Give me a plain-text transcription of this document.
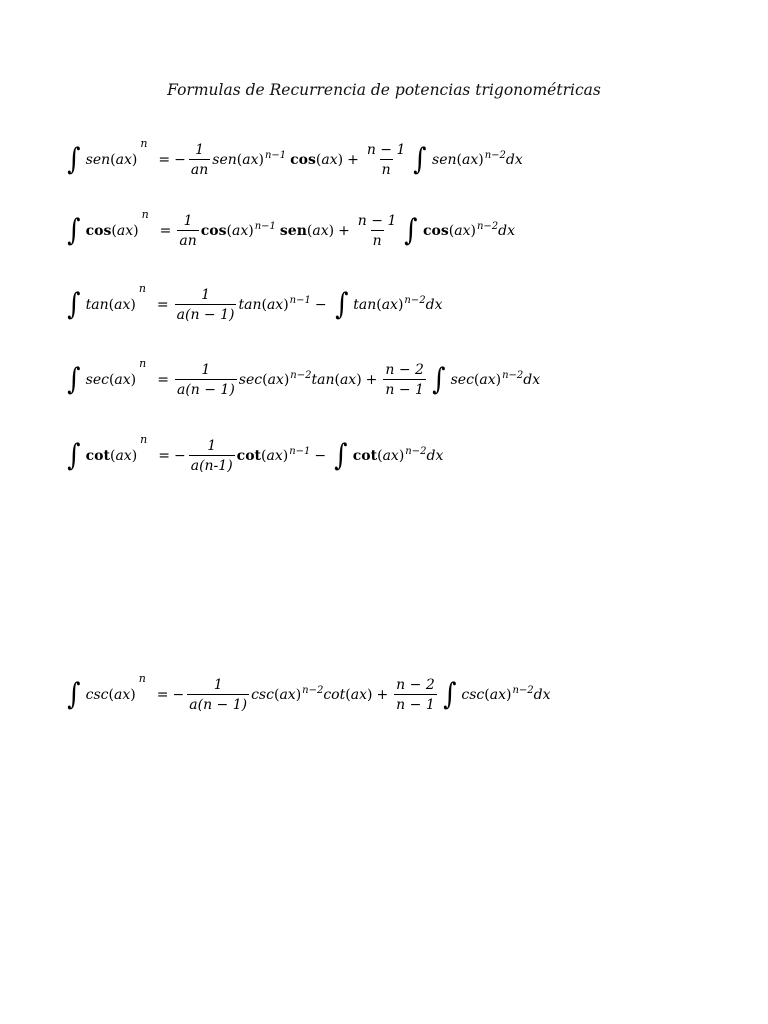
Formulas de Recurrencia de potencias trigonométricas
∫ sen ( ax )
n
= − $\frac{1}{an}$ sen ( ax ) n−1 cos ( ax ) + $\frac{n - 1}{n}$ ∫ sen ( ax ) n−2 dx
∫ cos ( ax )
n
= $\frac{1}{an}$ cos ( ax ) n−1 sen ( ax ) + $\frac{n - 1}{n}$ ∫ cos ( ax ) n−2 dx
∫ tan ( ax )
n
= $\frac{1}{a(n - 1)}$ tan ( ax ) n−1 − ∫ tan ( ax ) n−2 dx
∫ sec ( ax )
n
= $\frac{1}{a(n - 1)}$ sec ( ax ) n−2 tan ( ax ) + $\frac{n - 2}{n - 1}$ ∫ sec ( ax ) n−2 dx
∫ cot ( ax )
n
= − $\frac{1}{a(n-1)}$ cot ( ax ) n−1 − ∫ cot ( ax ) n−2 dx
∫ csc ( ax )
n
= − $\frac{1}{a(n - 1)}$ csc ( ax ) n−2 cot ( ax ) + $\frac{n - 2}{n - 1}$ ∫ csc ( ax ) n−2 dx
